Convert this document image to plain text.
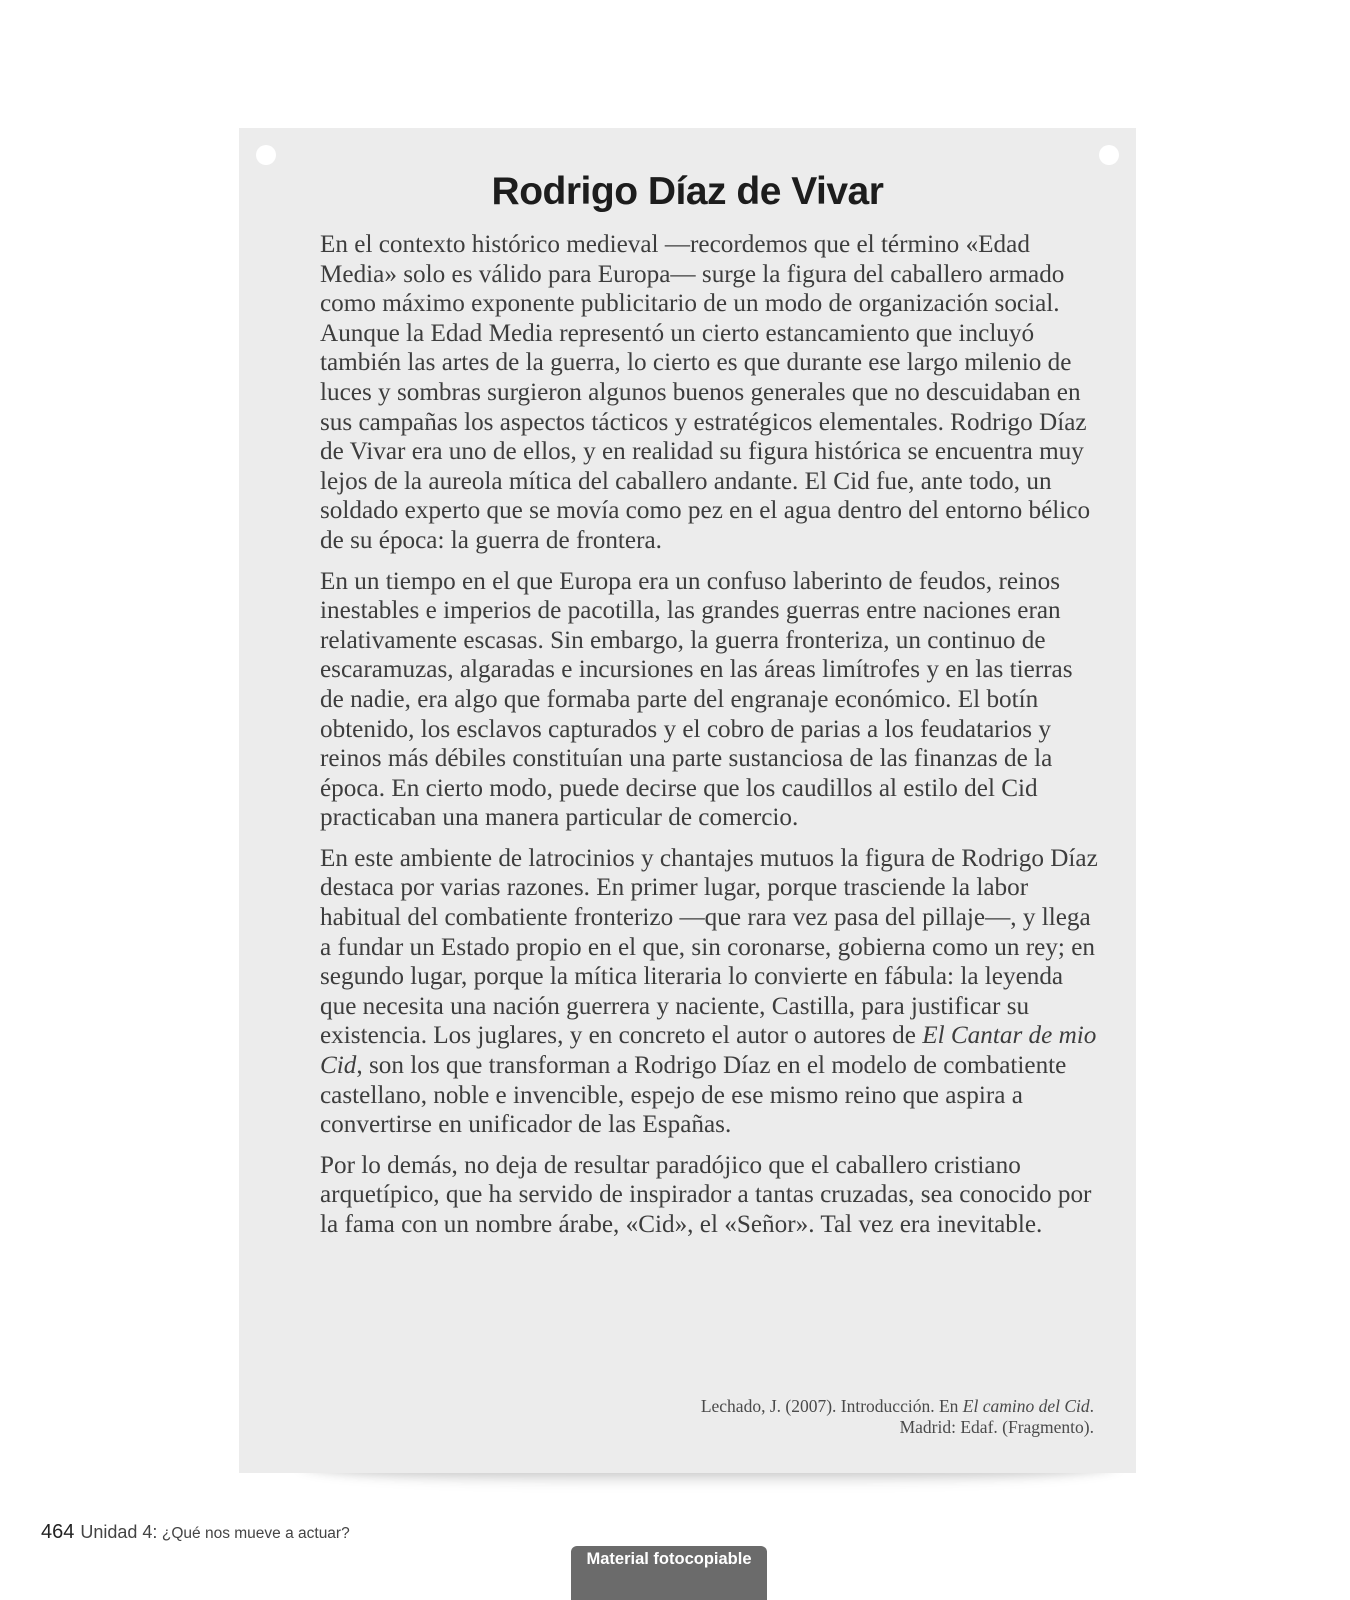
Rodrigo Díaz de Vivar

En el contexto histórico medieval —recordemos que el término «Edad Media» solo es válido para Europa— surge la figura del caballero armado como máximo exponente publicitario de un modo de organización social. Aunque la Edad Media representó un cierto estancamiento que incluyó también las artes de la guerra, lo cierto es que durante ese largo milenio de luces y sombras surgieron algunos buenos generales que no descuidaban en sus campañas los aspectos tácticos y estratégicos elementales. Rodrigo Díaz de Vivar era uno de ellos, y en realidad su figura histórica se encuentra muy lejos de la aureola mítica del caballero andante. El Cid fue, ante todo, un soldado experto que se movía como pez en el agua dentro del entorno bélico de su época: la guerra de frontera.

En un tiempo en el que Europa era un confuso laberinto de feudos, reinos inestables e imperios de pacotilla, las grandes guerras entre naciones eran relativamente escasas. Sin embargo, la guerra fronteriza, un continuo de escaramuzas, algaradas e incursiones en las áreas limítrofes y en las tierras de nadie, era algo que formaba parte del engranaje económico. El botín obtenido, los esclavos capturados y el cobro de parias a los feudatarios y reinos más débiles constituían una parte sustanciosa de las finanzas de la época. En cierto modo, puede decirse que los caudillos al estilo del Cid practicaban una manera particular de comercio.

En este ambiente de latrocinios y chantajes mutuos la figura de Rodrigo Díaz destaca por varias razones. En primer lugar, porque trasciende la labor habitual del combatiente fronterizo —que rara vez pasa del pillaje—, y llega a fundar un Estado propio en el que, sin coronarse, gobierna como un rey; en segundo lugar, porque la mítica literaria lo convierte en fábula: la leyenda que necesita una nación guerrera y naciente, Castilla, para justificar su existencia. Los juglares, y en concreto el autor o autores de El Cantar de mio Cid, son los que transforman a Rodrigo Díaz en el modelo de combatiente castellano, noble e invencible, espejo de ese mismo reino que aspira a convertirse en unificador de las Españas.

Por lo demás, no deja de resultar paradójico que el caballero cristiano arquetípico, que ha servido de inspirador a tantas cruzadas, sea conocido por la fama con un nombre árabe, «Cid», el «Señor». Tal vez era inevitable.

Lechado, J. (2007). Introducción. En El camino del Cid.
Madrid: Edaf. (Fragmento).
464 Unidad 4: ¿Qué nos mueve a actuar?
Material fotocopiable
